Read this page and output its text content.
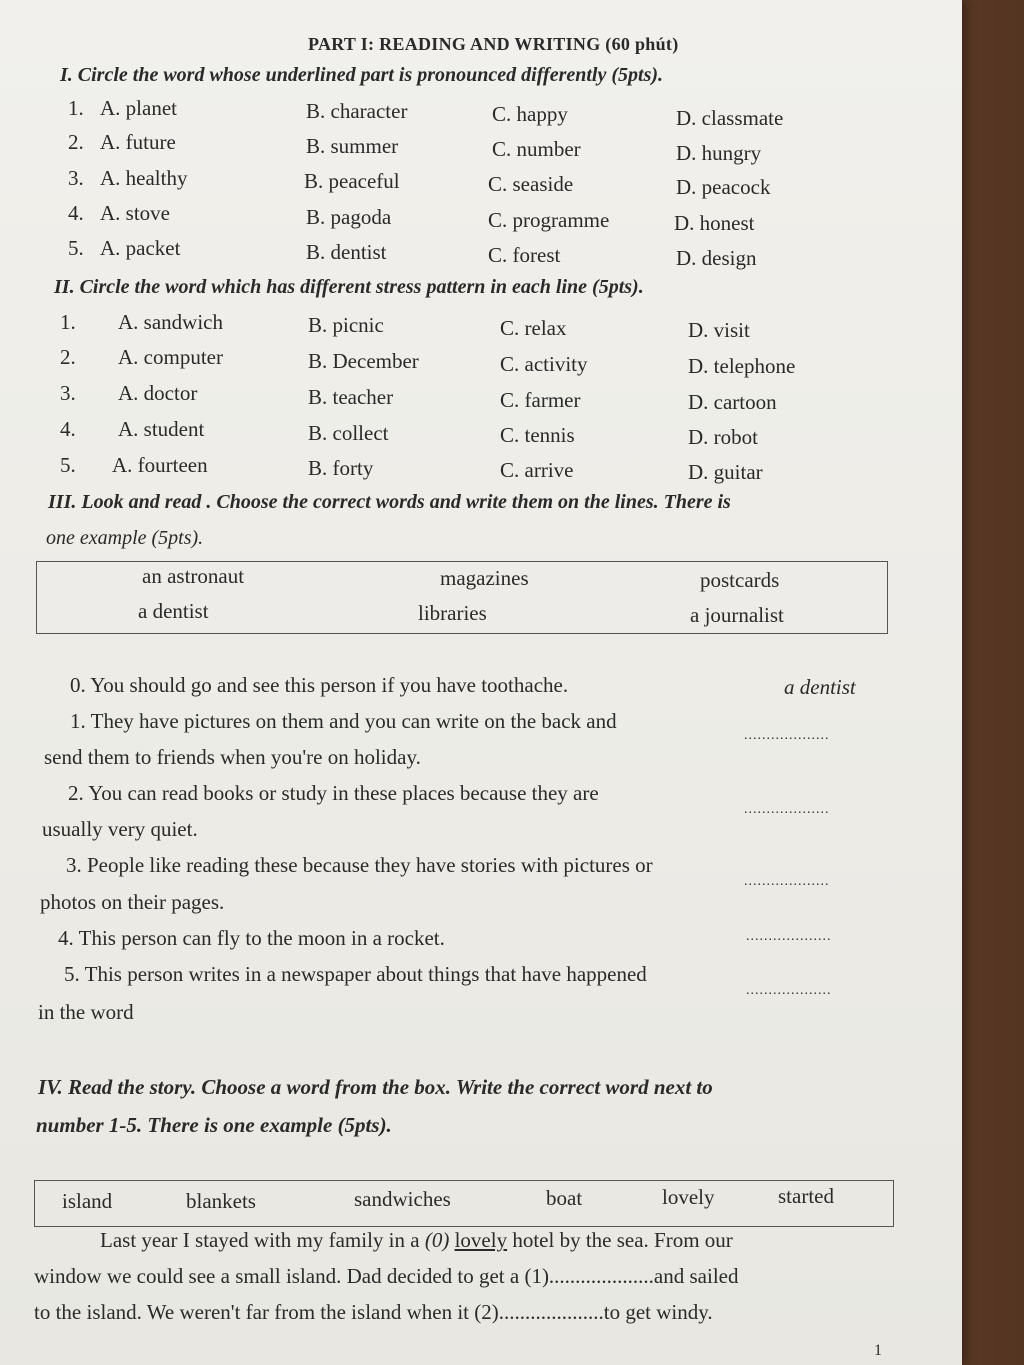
PART I: READING AND WRITING (60 phút)
I. Circle the word whose underlined part is pronounced differently (5pts).
1. A. planet	B. character	C. happy	D. classmate
2. A. future	B. summer	C. number	D. hungry
3. A. healthy	B. peaceful	C. seaside	D. peacock
4. A. stove	B. pagoda	C. programme	D. honest
5. A. packet	B. dentist	C. forest	D. design
II. Circle the word which has different stress pattern in each line (5pts).
1. A. sandwich	B. picnic	C. relax	D. visit
2. A. computer	B. December	C. activity	D. telephone
3. A. doctor	B. teacher	C. farmer	D. cartoon
4. A. student	B. collect	C. tennis	D. robot
5. A. fourteen	B. forty	C. arrive	D. guitar
III. Look and read . Choose the correct words and write them on the lines. There is
one example (5pts).
an astronaut	magazines	postcards
a dentist	libraries	a journalist
0. You should go and see this person if you have toothache.	a dentist
1. They have pictures on them and you can write on the back and
send them to friends when you're on holiday.
...................
2. You can read books or study in these places because they are
usually very quiet.
...................
3. People like reading these because they have stories with pictures or
photos on their pages.
...................
4. This person can fly to the moon in a rocket.	...................
5. This person writes in a newspaper about things that have happened
in the word
...................
IV. Read the story. Choose a word from the box. Write the correct word next to
number 1-5. There is one example (5pts).
island	blankets	sandwiches	boat	lovely	started
Last year I stayed with my family in a (0) lovely hotel by the sea. From our
window we could see a small island. Dad decided to get a (1)....................and sailed
to the island. We weren't far from the island when it (2)....................to get windy.
1
